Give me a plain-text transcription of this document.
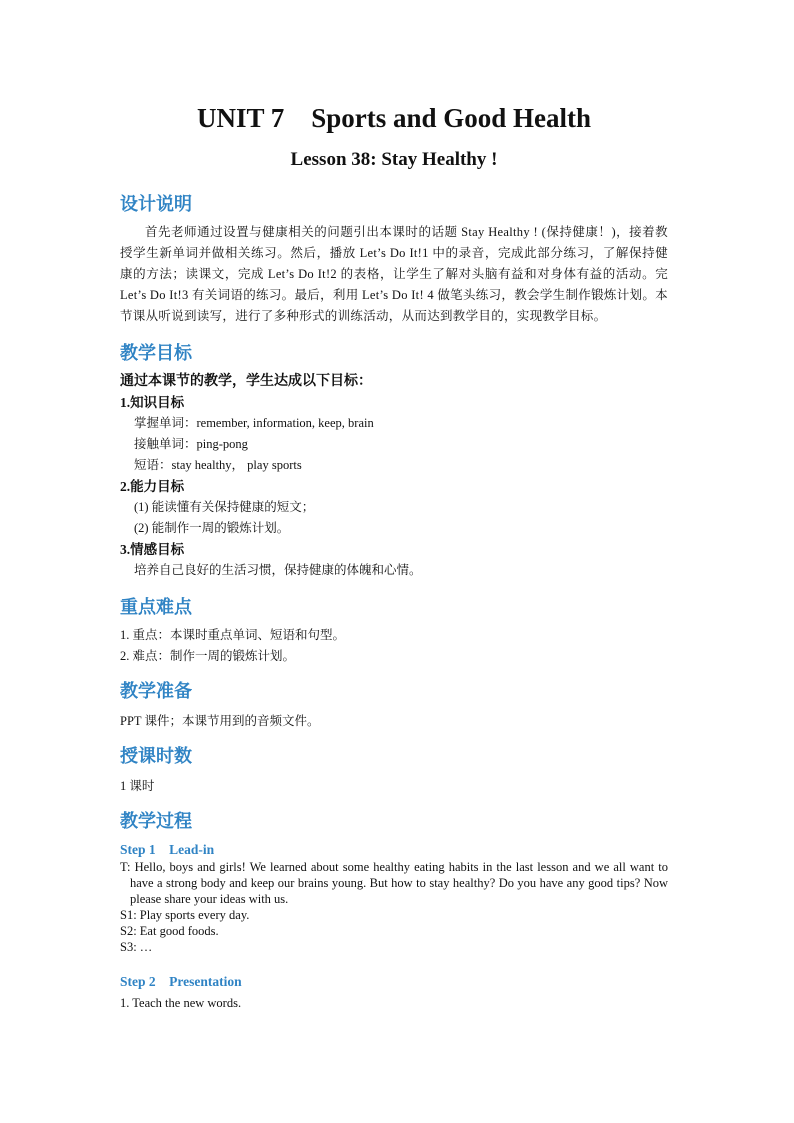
UNIT 7    Sports and Good Health
Lesson 38: Stay Healthy !
设计说明

首先老师通过设置与健康相关的问题引出本课时的话题 Stay Healthy ! (保持健康！)，接着教授学生新单词并做相关练习。然后，播放 Let’s Do It!1 中的录音，完成此部分练习，了解保持健康的方法；读课文，完成 Let’s Do It!2 的表格，让学生了解对头脑有益和对身体有益的活动。完 Let’s Do It!3 有关词语的练习。最后，利用 Let’s Do It! 4 做笔头练习，教会学生制作锻炼计划。本节课从听说到读写，进行了多种形式的训练活动，从而达到教学目的，实现教学目标。

教学目标

通过本课节的教学，学生达成以下目标：

1.知识目标

掌握单词：remember, information, keep, brain

接触单词：ping-pong

短语：stay healthy， play sports

2.能力目标

(1) 能读懂有关保持健康的短文；

(2) 能制作一周的锻炼计划。

3.情感目标

培养自己良好的生活习惯，保持健康的体魄和心情。

重点难点

1. 重点：本课时重点单词、短语和句型。

2. 难点：制作一周的锻炼计划。

教学准备

PPT 课件；本课节用到的音频文件。

授课时数

1 课时

教学过程

Step 1    Lead-in

T: Hello, boys and girls! We learned about some healthy eating habits in the last lesson and we all want to have a strong body and keep our brains young. But how to stay healthy? Do you have any good tips? Now please share your ideas with us.

S1: Play sports every day.

S2: Eat good foods.

S3: …

Step 2    Presentation

1. Teach the new words.
